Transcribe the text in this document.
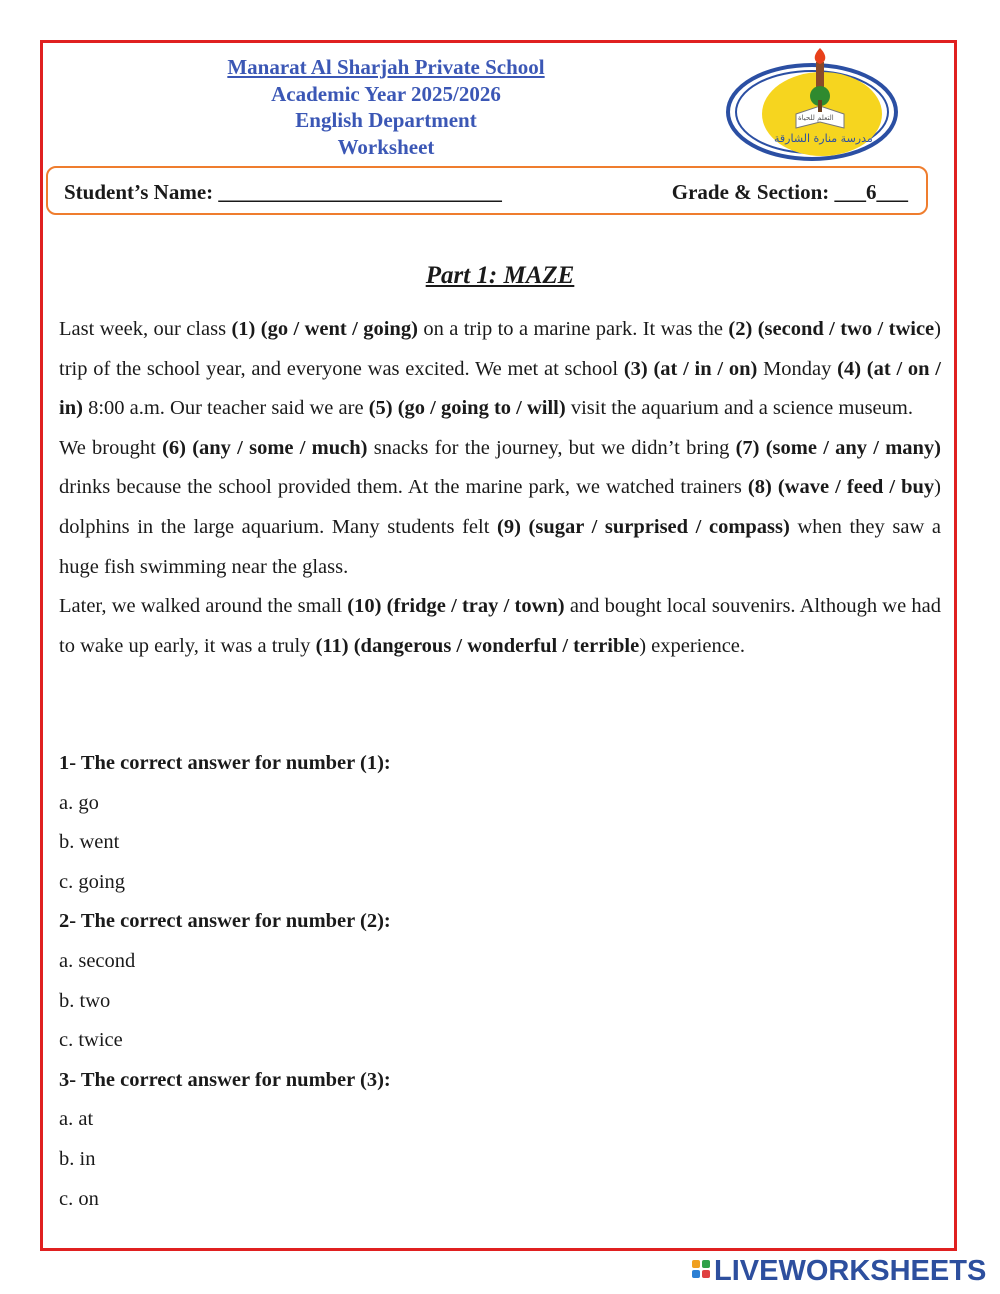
Manarat Al Sharjah Private School
Academic Year 2025/2026
English Department
Worksheet
التعلم للحياة
مدرسة منارة الشارقة
Student’s Name: ___________________________	Grade & Section: ___6___
Part 1: MAZE

Last week, our class (1) (go / went / going) on a trip to a marine park. It was the (2) (second / two / twice) trip of the school year, and everyone was excited. We met at school (3) (at / in / on) Monday (4) (at / on / in) 8:00 a.m. Our teacher said we are (5) (go / going to / will) visit the aquarium and a science museum.

We brought (6) (any / some / much) snacks for the journey, but we didn’t bring (7) (some / any / many) drinks because the school provided them. At the marine park, we watched trainers (8) (wave / feed / buy) dolphins in the large aquarium. Many students felt (9) (sugar / surprised / compass) when they saw a huge fish swimming near the glass.

Later, we walked around the small (10) (fridge / tray / town) and bought local souvenirs. Although we had to wake up early, it was a truly (11) (dangerous / wonderful / terrible) experience.

1- The correct answer for number (1):
a. go
b. went
c. going
2- The correct answer for number (2):
a. second
b. two
c. twice
3- The correct answer for number (3):
a. at
b. in
c. on
LIVEWORKSHEETS
